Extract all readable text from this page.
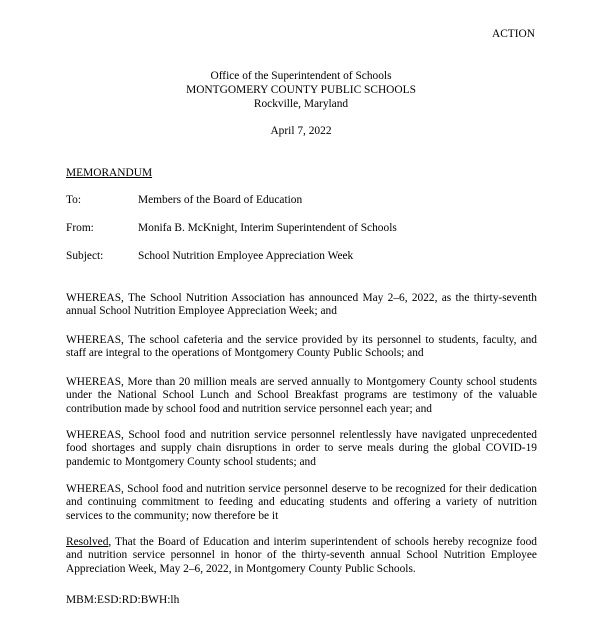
ACTION
Office of the Superintendent of Schools
MONTGOMERY COUNTY PUBLIC SCHOOLS
Rockville, Maryland
April 7, 2022
MEMORANDUM
To:	Members of the Board of Education
From:	Monifa B. McKnight, Interim Superintendent of Schools
Subject:	School Nutrition Employee Appreciation Week

WHEREAS, The School Nutrition Association has announced May 2–6, 2022, as the thirty-seventh annual School Nutrition Employee Appreciation Week; and

WHEREAS, The school cafeteria and the service provided by its personnel to students, faculty, and staff are integral to the operations of Montgomery County Public Schools; and

WHEREAS, More than 20 million meals are served annually to Montgomery County school students under the National School Lunch and School Breakfast programs are testimony of the valuable contribution made by school food and nutrition service personnel each year; and

WHEREAS, School food and nutrition service personnel relentlessly have navigated unprecedented food shortages and supply chain disruptions in order to serve meals during the global COVID-19 pandemic to Montgomery County school students; and

WHEREAS, School food and nutrition service personnel deserve to be recognized for their dedication and continuing commitment to feeding and educating students and offering a variety of nutrition services to the community; now therefore be it

Resolved, That the Board of Education and interim superintendent of schools hereby recognize food and nutrition service personnel in honor of the thirty-seventh annual School Nutrition Employee Appreciation Week, May 2–6, 2022, in Montgomery County Public Schools.

MBM:ESD:RD:BWH:lh
